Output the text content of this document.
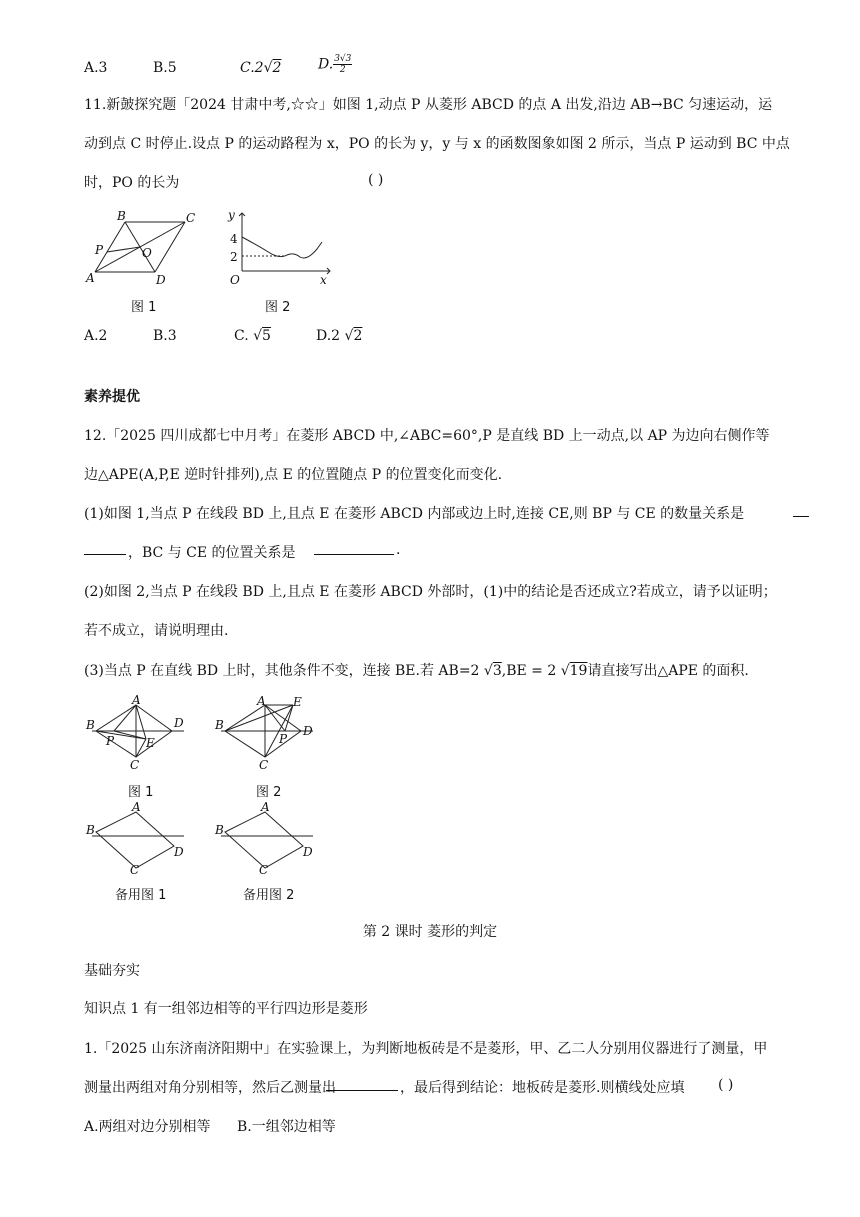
A.3	B.5	C.2√2	D. $\frac{3√3}{2}$
11.新皷探究题「2024 甘肃中考,☆☆」如图 1,动点 P 从菱形 ABCD 的点 A 出发,沿边 AB→BC 匀速运动，运
动到点 C 时停止.设点 P 的运动路程为 x，PO 的长为 y，y 与 x 的函数图象如图 2 所示，当点 P 运动到 BC 中点
时，PO 的长为	( )
B	C
P	O
A	D
图 1
y
4
2
O	x
图 2
A.2	B.3	C. √5	D.2 √2
素养提优
12.「2025 四川成都七中月考」在菱形 ABCD 中,∠ABC=60°,P 是直线 BD 上一动点,以 AP 为边向右侧作等
边△APE(A,P,E 逆时针排列),点 E 的位置随点 P 的位置变化而变化.
(1)如图 1,当点 P 在线段 BD 上,且点 E 在菱形 ABCD 内部或边上时,连接 CE,则 BP 与 CE 的数量关系是
，BC 与 CE 的位置关系是	.
(2)如图 2,当点 P 在线段 BD 上,且点 E 在菱形 ABCD 外部时，(1)中的结论是否还成立?若成立，请予以证明；
若不成立，请说明理由.
(3)当点 P 在直线 BD 上时，其他条件不变，连接 BE.若 AB=2 √3,BE = 2 √19请直接写出△APE 的面积.
A
B	D
P	E
C
图 1
A E
B	D
P
C
图 2
A
B
D
C
备用图 1
A
B
D
C
备用图 2
第 2 课时 菱形的判定
基础夯实
知识点 1 有一组邻边相等的平行四边形是菱形
1.「2025 山东济南济阳期中」在实验课上，为判断地板砖是不是菱形，甲、乙二人分别用仪器进行了测量，甲
测量出两组对角分别相等，然后乙测量出	，最后得到结论：地板砖是菱形.则横线处应填 ( )
A.两组对边分别相等 B.一组邻边相等
